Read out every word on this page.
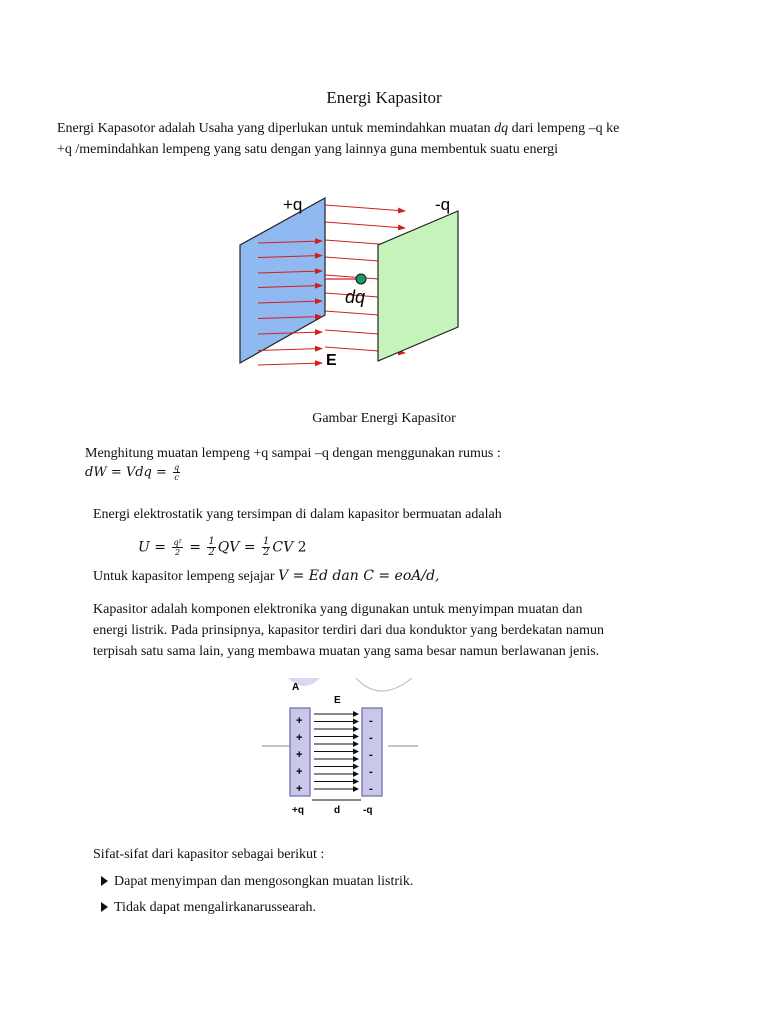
Energi Kapasitor
Energi Kapasotor adalah Usaha yang diperlukan untuk memindahkan muatan dq dari lempeng –q ke
+q /memindahkan lempeng yang satu dengan yang lainnya guna membentuk suatu energi
+q	-q
dq
E
Gambar Energi Kapasitor
Menghitung muatan lempeng +q sampai –q dengan menggunakan rumus :
dW = Vdq = $\frac{q}{c}$
Energi elektrostatik yang tersimpan di dalam kapasitor bermuatan adalah
$U = \frac{\text{q²}}{2} = \frac{1}{2}$ QV = $\frac{1}{2}$ CV 2
Untuk kapasitor lempeng sejajar V = Ed dan C = eoA/d,
Kapasitor adalah komponen elektronika yang digunakan untuk menyimpan muatan dan
energi listrik. Pada prinsipnya, kapasitor terdiri dari dua konduktor yang berdekatan namun
terpisah satu sama lain, yang membawa muatan yang sama besar namun berlawanan jenis.
+
+
+
+
+
-
-
-
-
-
A
E
d
+q	-q
Sifat-sifat dari kapasitor sebagai berikut :
Dapat menyimpan dan mengosongkan muatan listrik.
Tidak dapat mengalirkanarussearah.
